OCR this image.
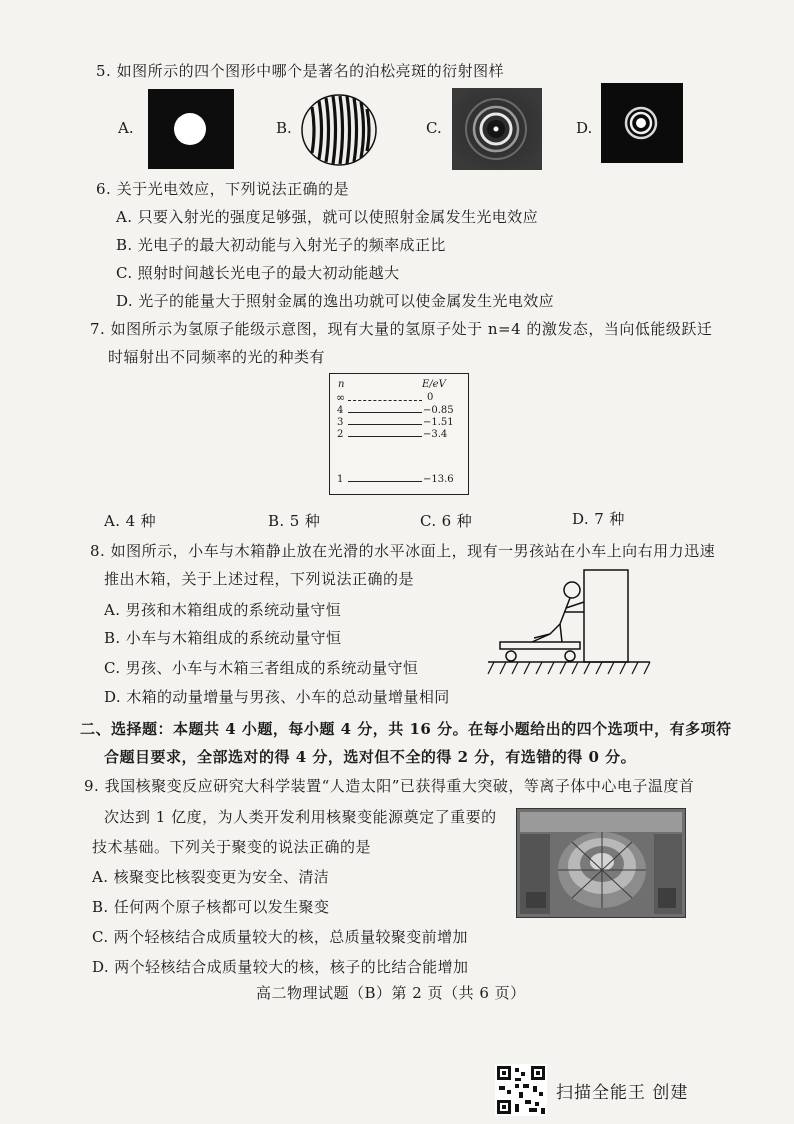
5. 如图所示的四个图形中哪个是著名的泊松亮斑的衍射图样
A.	B.	C.	D.
6. 关于光电效应，下列说法正确的是
A. 只要入射光的强度足够强，就可以使照射金属发生光电效应
B. 光电子的最大初动能与入射光子的频率成正比
C. 照射时间越长光电子的最大初动能越大
D. 光子的能量大于照射金属的逸出功就可以使金属发生光电效应
7. 如图所示为氢原子能级示意图，现有大量的氢原子处于 n=4 的激发态，当向低能级跃迁
时辐射出不同频率的光的种类有
n	E/eV
∞	0
4	−0.85
3	−1.51
2	−3.4
1	−13.6
A. 4 种	B. 5 种	C. 6 种	D. 7 种
8. 如图所示，小车与木箱静止放在光滑的水平冰面上，现有一男孩站在小车上向右用力迅速
推出木箱，关于上述过程，下列说法正确的是
A. 男孩和木箱组成的系统动量守恒
B. 小车与木箱组成的系统动量守恒
C. 男孩、小车与木箱三者组成的系统动量守恒
D. 木箱的动量增量与男孩、小车的总动量增量相同
二、选择题：本题共 4 小题，每小题 4 分，共 16 分。在每小题给出的四个选项中，有多项符
合题目要求，全部选对的得 4 分，选对但不全的得 2 分，有选错的得 0 分。
9. 我国核聚变反应研究大科学装置“人造太阳”已获得重大突破，等离子体中心电子温度首
次达到 1 亿度，为人类开发利用核聚变能源奠定了重要的
技术基础。下列关于聚变的说法正确的是
A. 核聚变比核裂变更为安全、清洁
B. 任何两个原子核都可以发生聚变
C. 两个轻核结合成质量较大的核，总质量较聚变前增加
D. 两个轻核结合成质量较大的核，核子的比结合能增加
高二物理试题（B）第 2 页（共 6 页）
扫描全能王 创建
